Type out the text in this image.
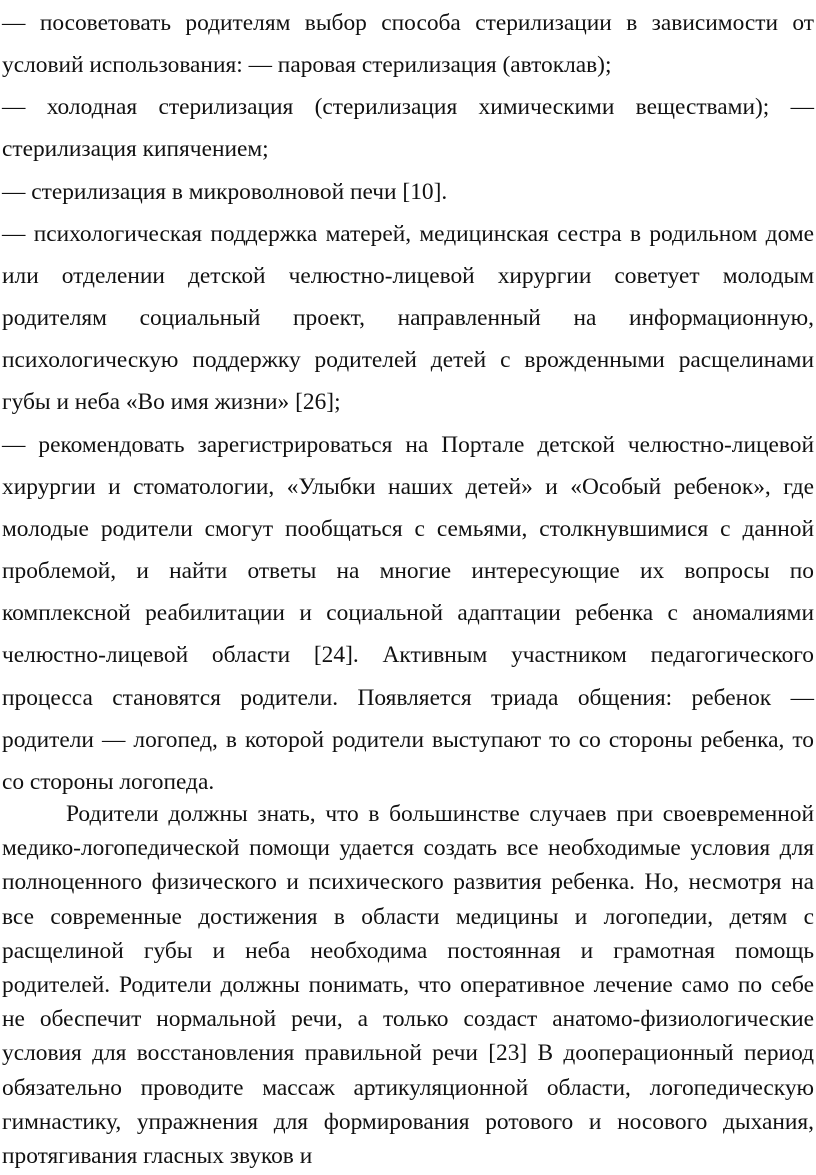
— посоветовать родителям выбор способа стерилизации в зависимости от условий использования: — паровая стерилизация (автоклав);

— холодная стерилизация (стерилизация химическими веществами); — стерилизация кипячением;

— стерилизация в микроволновой печи [10].

— психологическая поддержка матерей, медицинская сестра в родильном доме или отделении детской челюстно-лицевой хирургии советует молодым родителям социальный проект, направленный на информационную, психологическую поддержку родителей детей с врожденными расщелинами губы и неба «Во имя жизни» [26];

— рекомендовать зарегистрироваться на Портале детской челюстно-лицевой хирургии и стоматологии, «Улыбки наших детей» и «Особый ребенок», где молодые родители смогут пообщаться с семьями, столкнувшимися с данной проблемой, и найти ответы на многие интересующие их вопросы по комплексной реабилитации и социальной адаптации ребенка с аномалиями челюстно-лицевой области [24]. Активным участником педагогического процесса становятся родители. Появляется триада общения: ребенок — родители — логопед, в которой родители выступают то со стороны ребенка, то со стороны логопеда.

Родители должны знать, что в большинстве случаев при своевременной медико-логопедической помощи удается создать все необходимые условия для полноценного физического и психического развития ребенка. Но, несмотря на все современные достижения в области медицины и логопедии, детям с расщелиной губы и неба необходима постоянная и грамотная помощь родителей. Родители должны понимать, что оперативное лечение само по себе не обеспечит нормальной речи, а только создаст анатомо-физиологические условия для восстановления правильной речи [23] В дооперационный период обязательно проводите массаж артикуляционной области, логопедическую гимнастику, упражнения для формирования ротового и носового дыхания, протягивания гласных звуков и
